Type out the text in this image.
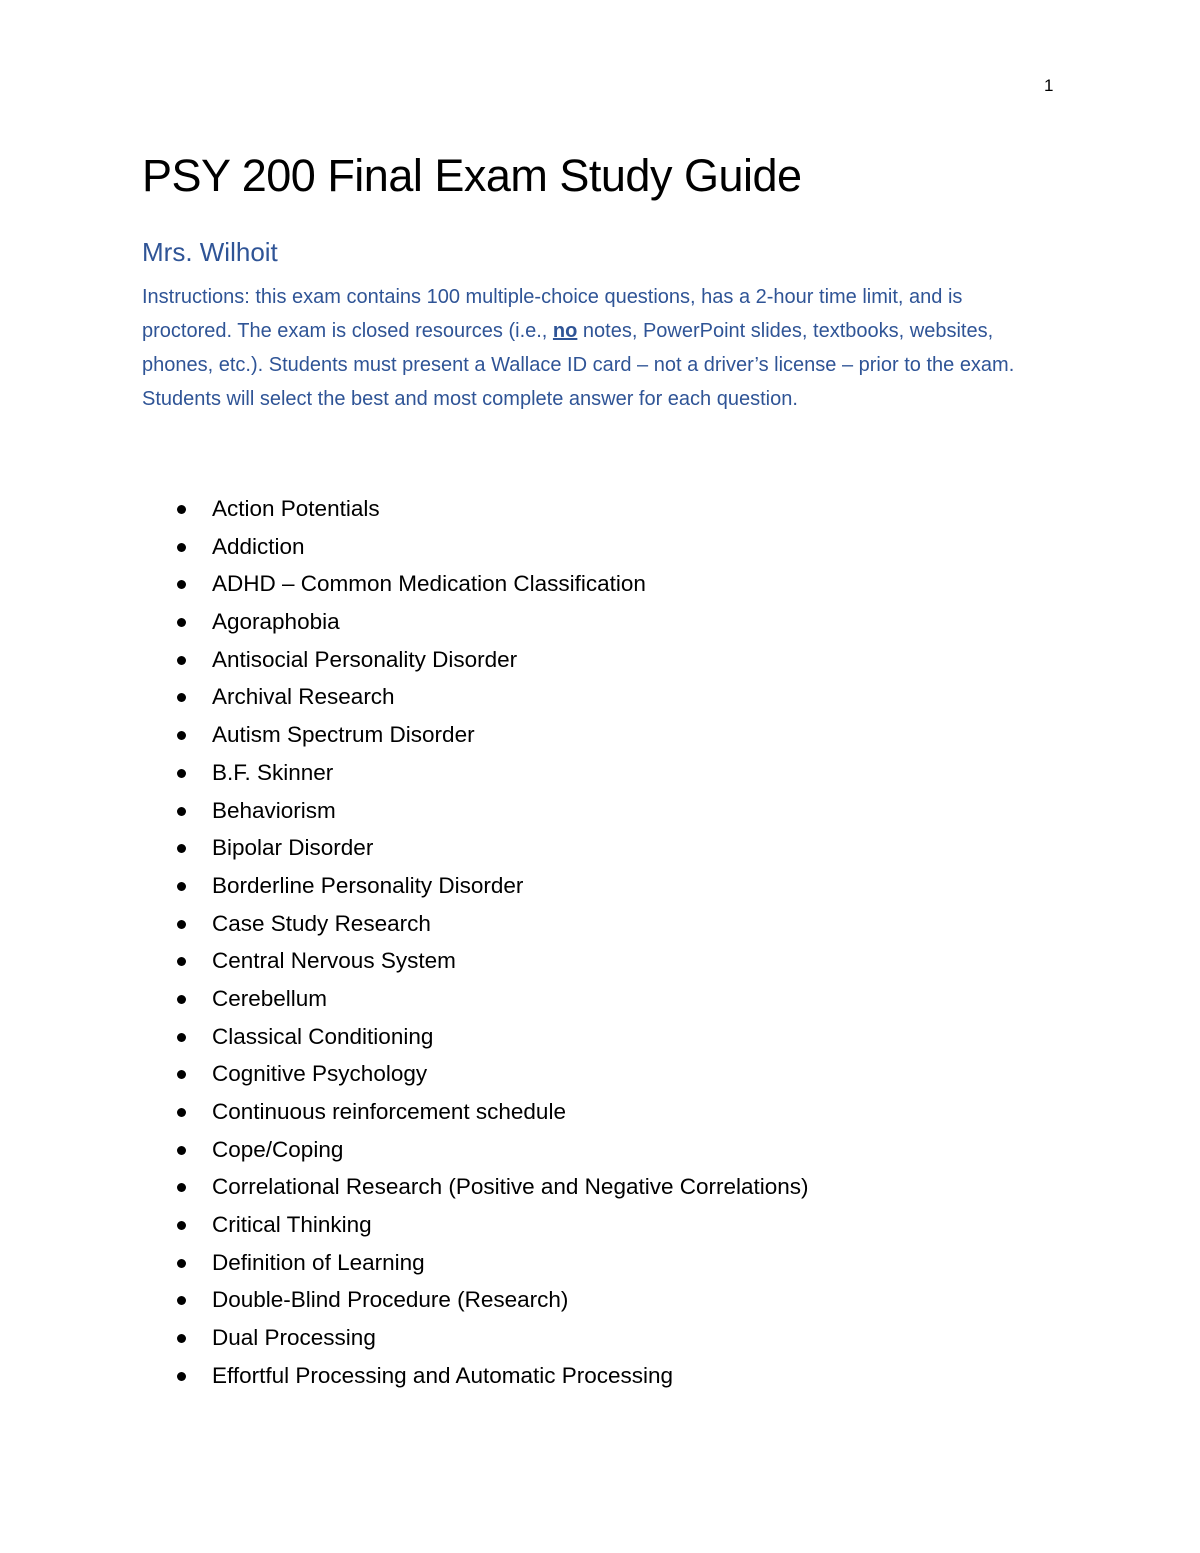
1
PSY 200 Final Exam Study Guide
Mrs. Wilhoit

Instructions: this exam contains 100 multiple-choice questions, has a 2-hour time limit, and is proctored. The exam is closed resources (i.e., no notes, PowerPoint slides, textbooks, websites, phones, etc.). Students must present a Wallace ID card – not a driver’s license – prior to the exam. Students will select the best and most complete answer for each question.

Action Potentials
Addiction
ADHD – Common Medication Classification
Agoraphobia
Antisocial Personality Disorder
Archival Research
Autism Spectrum Disorder
B.F. Skinner
Behaviorism
Bipolar Disorder
Borderline Personality Disorder
Case Study Research
Central Nervous System
Cerebellum
Classical Conditioning
Cognitive Psychology
Continuous reinforcement schedule
Cope/Coping
Correlational Research (Positive and Negative Correlations)
Critical Thinking
Definition of Learning
Double-Blind Procedure (Research)
Dual Processing
Effortful Processing and Automatic Processing
